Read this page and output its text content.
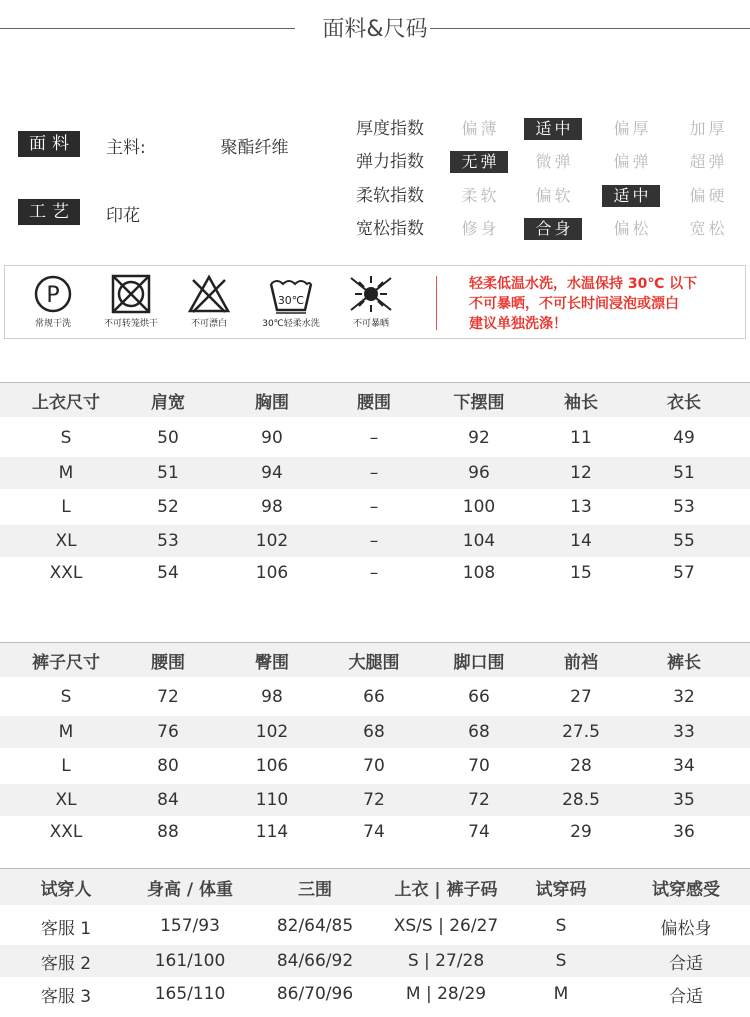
面料&尺码
面料 主料:	聚酯纤维
工艺 印花
厚度指数	偏薄	适中	偏厚	加厚
弹力指数	无弹	微弹	偏弹	超弹
柔软指数	柔软	偏软	适中	偏硬
宽松指数	修身	合身	偏松	宽松
P
常规干洗	不可转笼烘干	不可漂白
30℃
30℃轻柔水洗	不可暴晒
轻柔低温水洗，水温保持 30℃ 以下
不可暴晒，不可长时间浸泡或漂白
建议单独洗涤！
上衣尺寸	肩宽	胸围	腰围	下摆围	袖长	衣长
S	50	90	–	92	11	49
M	51	94	–	96	12	51
L	52	98	–	100	13	53
XL	53	102	–	104	14	55
XXL	54	106	–	108	15	57
裤子尺寸	腰围	臀围	大腿围	脚口围	前裆	裤长
S	72	98	66	66	27	32
M	76	102	68	68	27.5	33
L	80	106	70	70	28	34
XL	84	110	72	72	28.5	35
XXL	88	114	74	74	29	36
试穿人	身高 / 体重	三围	上衣 | 裤子码	试穿码	试穿感受
客服 1	157/93	82/64/85	XS/S | 26/27	S	偏松身
客服 2	161/100	84/66/92	S | 27/28	S	合适
客服 3	165/110	86/70/96	M | 28/29	M	合适
